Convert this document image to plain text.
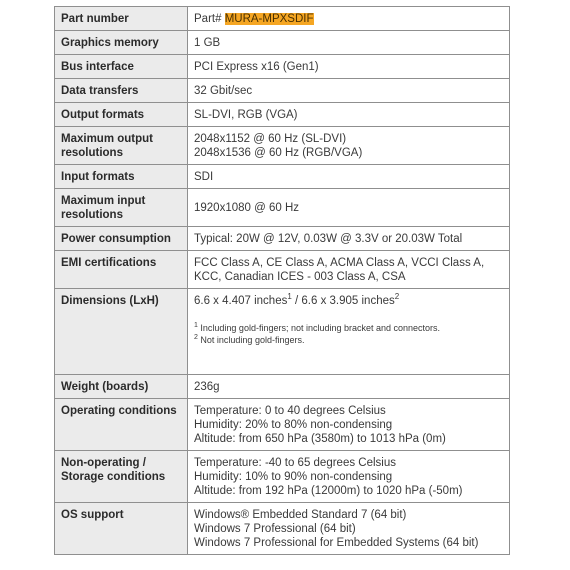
Part number	Part# MURA-MPXSDIF
Graphics memory	1 GB
Bus interface	PCI Express x16 (Gen1)
Data transfers	32 Gbit/sec
Output formats	SL-DVI, RGB (VGA)
Maximum output resolutions	2048x1152 @ 60 Hz (SL-DVI)
2048x1536 @ 60 Hz (RGB/VGA)

Input formats	SDI
Maximum input resolutions	1920x1080 @ 60 Hz
Power consumption	Typical: 20W @ 12V, 0.03W @ 3.3V or 20.03W Total
EMI certifications	FCC Class A, CE Class A, ACMA Class A, VCCI Class A,
KCC, Canadian ICES - 003 Class A, CSA

Dimensions (LxH)	6.6 x 4.407 inches$^1$ / 6.6 x 3.905 inches$^2$
$^1$ Including gold-fingers; not including bracket and connectors.
$^2$ Not including gold-fingers.

Weight (boards)	236g
Operating conditions	Temperature: 0 to 40 degrees Celsius
Humidity: 20% to 80% non-condensing
Altitude: from 650 hPa (3580m) to 1013 hPa (0m)

Non-operating /
Storage conditions	Temperature: -40 to 65 degrees Celsius
Humidity: 10% to 90% non-condensing
Altitude: from 192 hPa (12000m) to 1020 hPa (-50m)

OS support	Windows® Embedded Standard 7 (64 bit)
Windows 7 Professional (64 bit)
Windows 7 Professional for Embedded Systems (64 bit)
